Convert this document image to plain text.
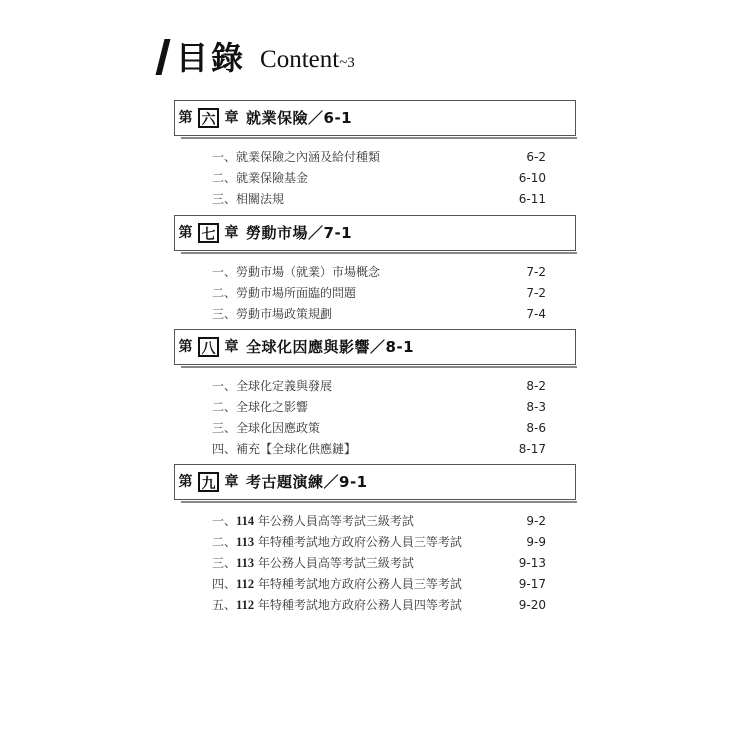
目錄 Content ~3
第 六 章 就業保險／6-1
一、就業保險之內涵及給付種類	6-2
二、就業保險基金	6-10
三、相關法規	6-11
第 七 章 勞動市場／7-1
一、勞動市場（就業）市場概念	7-2
二、勞動市場所面臨的問題	7-2
三、勞動市場政策規劃	7-4
第 八 章 全球化因應與影響／8-1
一、全球化定義與發展	8-2
二、全球化之影響	8-3
三、全球化因應政策	8-6
四、補充【全球化供應鏈】	8-17
第 九 章 考古題演練／9-1
一、114 年公務人員高等考試三級考試	9-2
二、113 年特種考試地方政府公務人員三等考試	9-9
三、113 年公務人員高等考試三級考試	9-13
四、112 年特種考試地方政府公務人員三等考試	9-17
五、112 年特種考試地方政府公務人員四等考試	9-20
